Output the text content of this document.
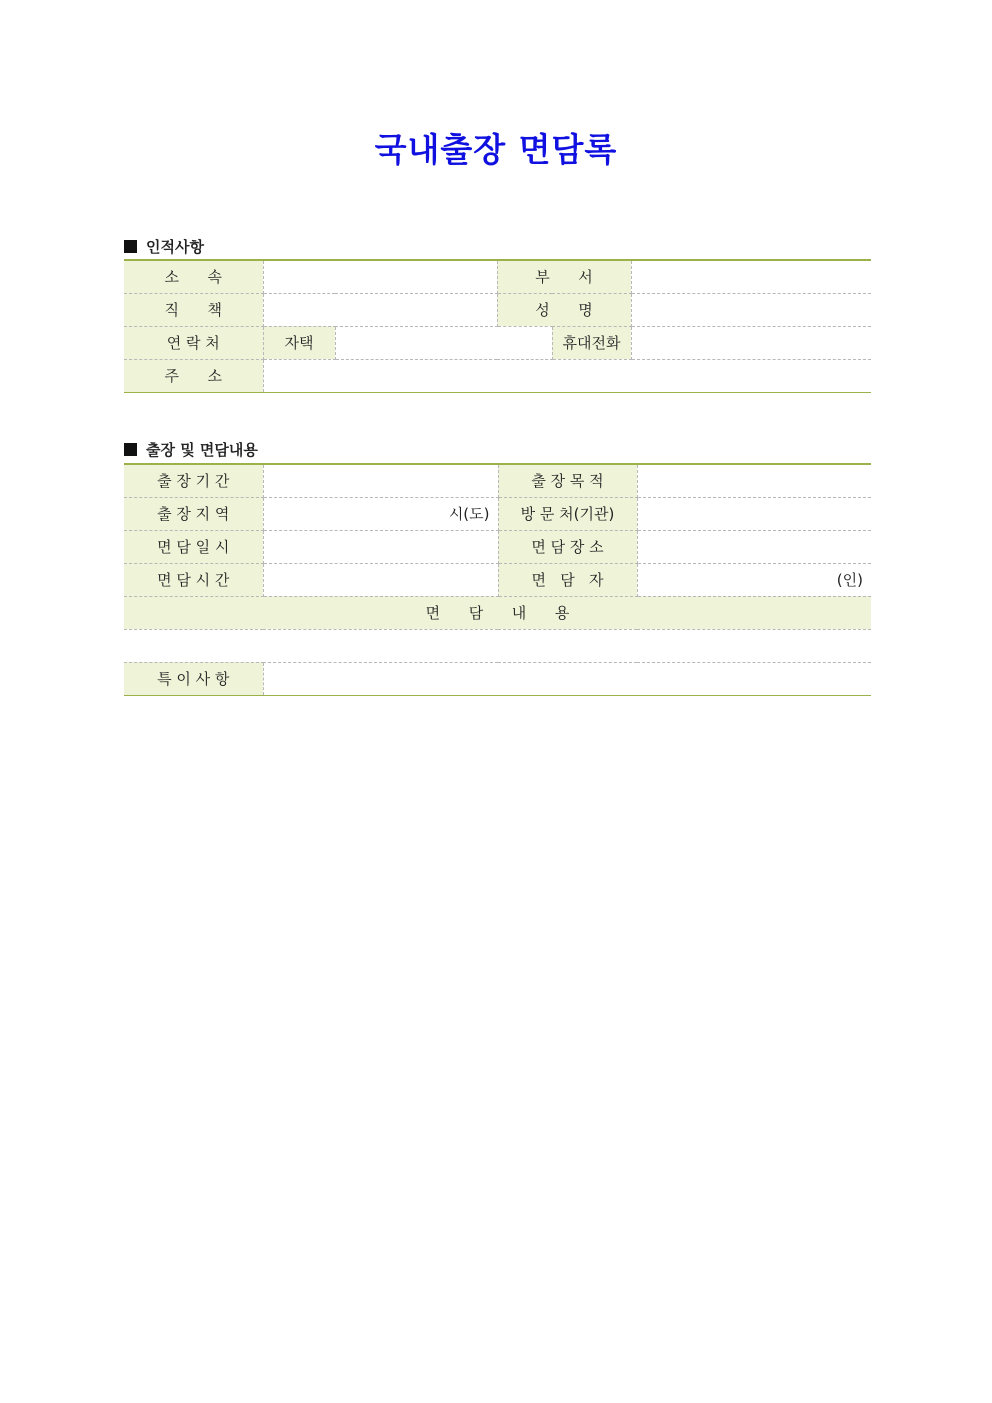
국내출장 면담록
인적사항
소      속			부      서		
직      책			성      명		
연 락 처	자택			휴대전화	
주      소					
출장 및 면담내용
출 장 기 간		출 장 목 적	
출 장 지 역	시(도)	방 문 처(기관)	
면 담 일 시		면 담 장 소	
면 담 시 간		면   담   자	(인)
면      담      내      용			

특 이 사 항			
